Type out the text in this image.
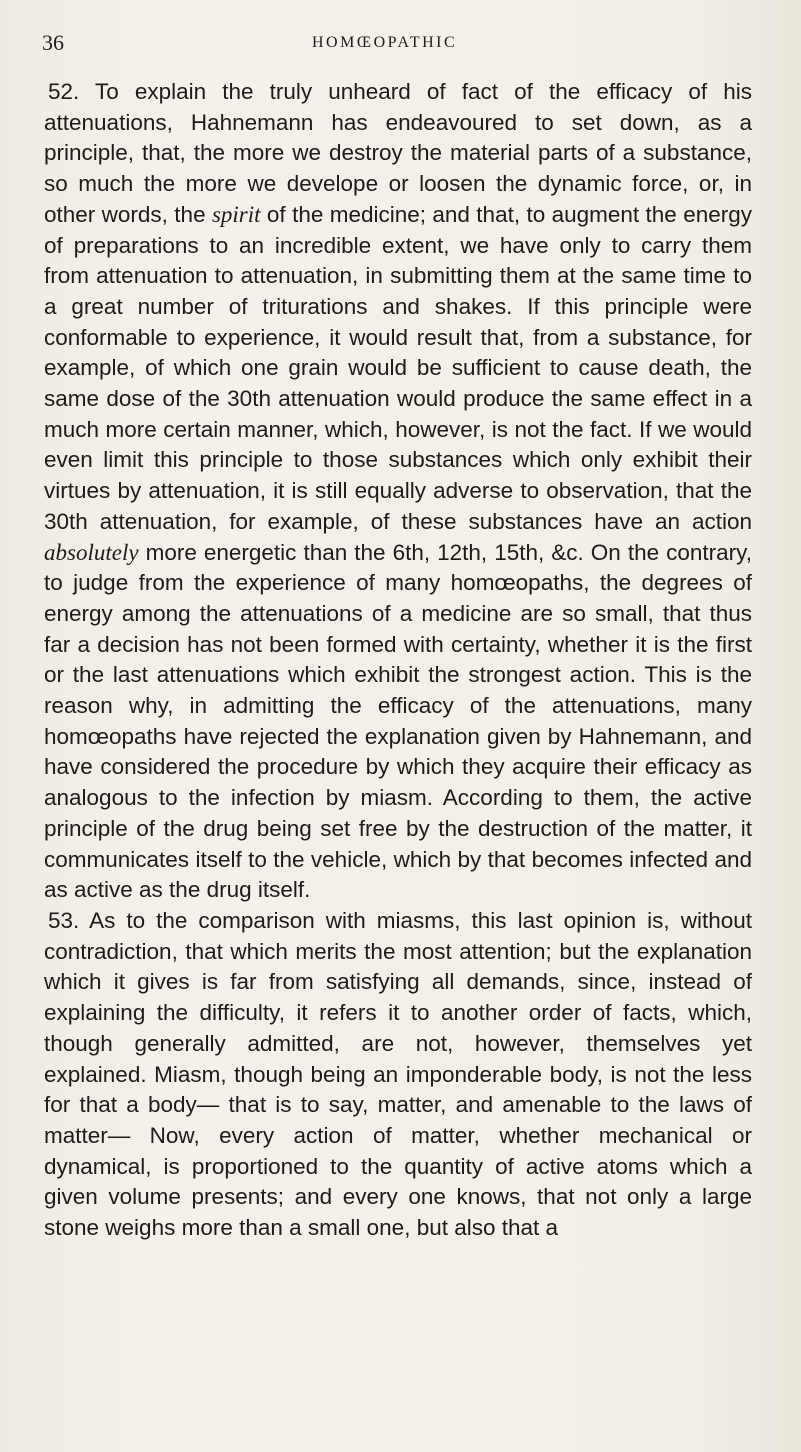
36	HOMŒOPATHIC

52. To explain the truly unheard of fact of the efficacy of his attenuations, Hahnemann has endeavoured to set down, as a principle, that, the more we destroy the material parts of a substance, so much the more we develope or loosen the dynamic force, or, in other words, the spirit of the medicine; and that, to augment the energy of preparations to an incredible extent, we have only to carry them from attenuation to attenuation, in submitting them at the same time to a great number of triturations and shakes. If this principle were conformable to experience, it would result that, from a substance, for example, of which one grain would be sufficient to cause death, the same dose of the 30th attenuation would produce the same effect in a much more certain manner, which, however, is not the fact. If we would even limit this principle to those substances which only exhibit their virtues by attenuation, it is still equally adverse to observation, that the 30th attenuation, for example, of these substances have an action absolutely more energetic than the 6th, 12th, 15th, &c. On the contrary, to judge from the experience of many homœopaths, the degrees of energy among the attenuations of a medicine are so small, that thus far a decision has not been formed with certainty, whether it is the first or the last attenuations which exhibit the strongest action. This is the reason why, in admitting the efficacy of the attenuations, many homœopaths have rejected the explanation given by Hahnemann, and have considered the procedure by which they acquire their efficacy as analogous to the infection by miasm. According to them, the active principle of the drug being set free by the destruction of the matter, it communicates itself to the vehicle, which by that becomes infected and as active as the drug itself.

53. As to the comparison with miasms, this last opinion is, without contradiction, that which merits the most attention; but the explanation which it gives is far from satisfying all demands, since, instead of explaining the difficulty, it refers it to another order of facts, which, though generally admitted, are not, however, themselves yet explained. Miasm, though being an imponderable body, is not the less for that a body— that is to say, matter, and amenable to the laws of matter— Now, every action of matter, whether mechanical or dynamical, is proportioned to the quantity of active atoms which a given volume presents; and every one knows, that not only a large stone weighs more than a small one, but also that a
